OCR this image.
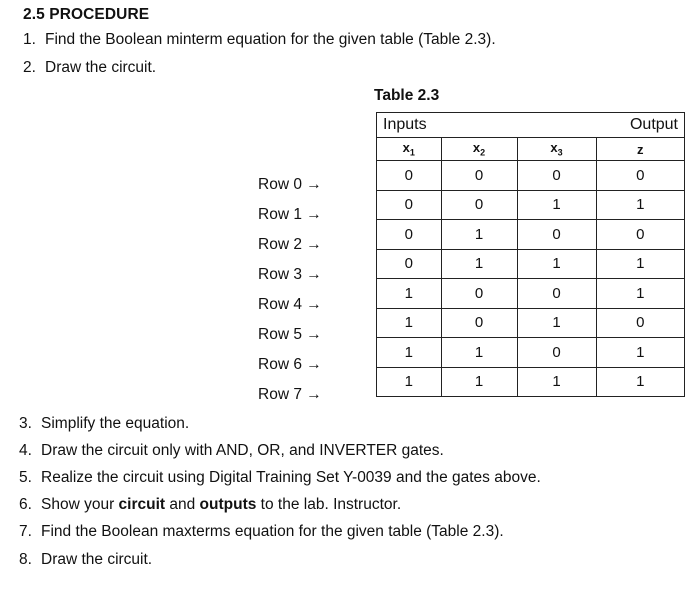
2.5 PROCEDURE
1. Find the Boolean minterm equation for the given table (Table 2.3).
2. Draw the circuit.
Table 2.3
Row 0 →
Row 1 →
Row 2 →
Row 3 →
Row 4 →
Row 5 →
Row 6 →
Row 7 →
Inputs			Output
$x_1$	$x_2$	$x_3$	z
0	0	0	0
0	0	1	1
0	1	0	0
0	1	1	1
1	0	0	1
1	0	1	0
1	1	0	1
1	1	1	1
3. Simplify the equation.
4. Draw the circuit only with AND, OR, and INVERTER gates.
5. Realize the circuit using Digital Training Set Y-0039 and the gates above.
6. Show your circuit and outputs to the lab. Instructor.
7. Find the Boolean maxterms equation for the given table (Table 2.3).
8. Draw the circuit.
